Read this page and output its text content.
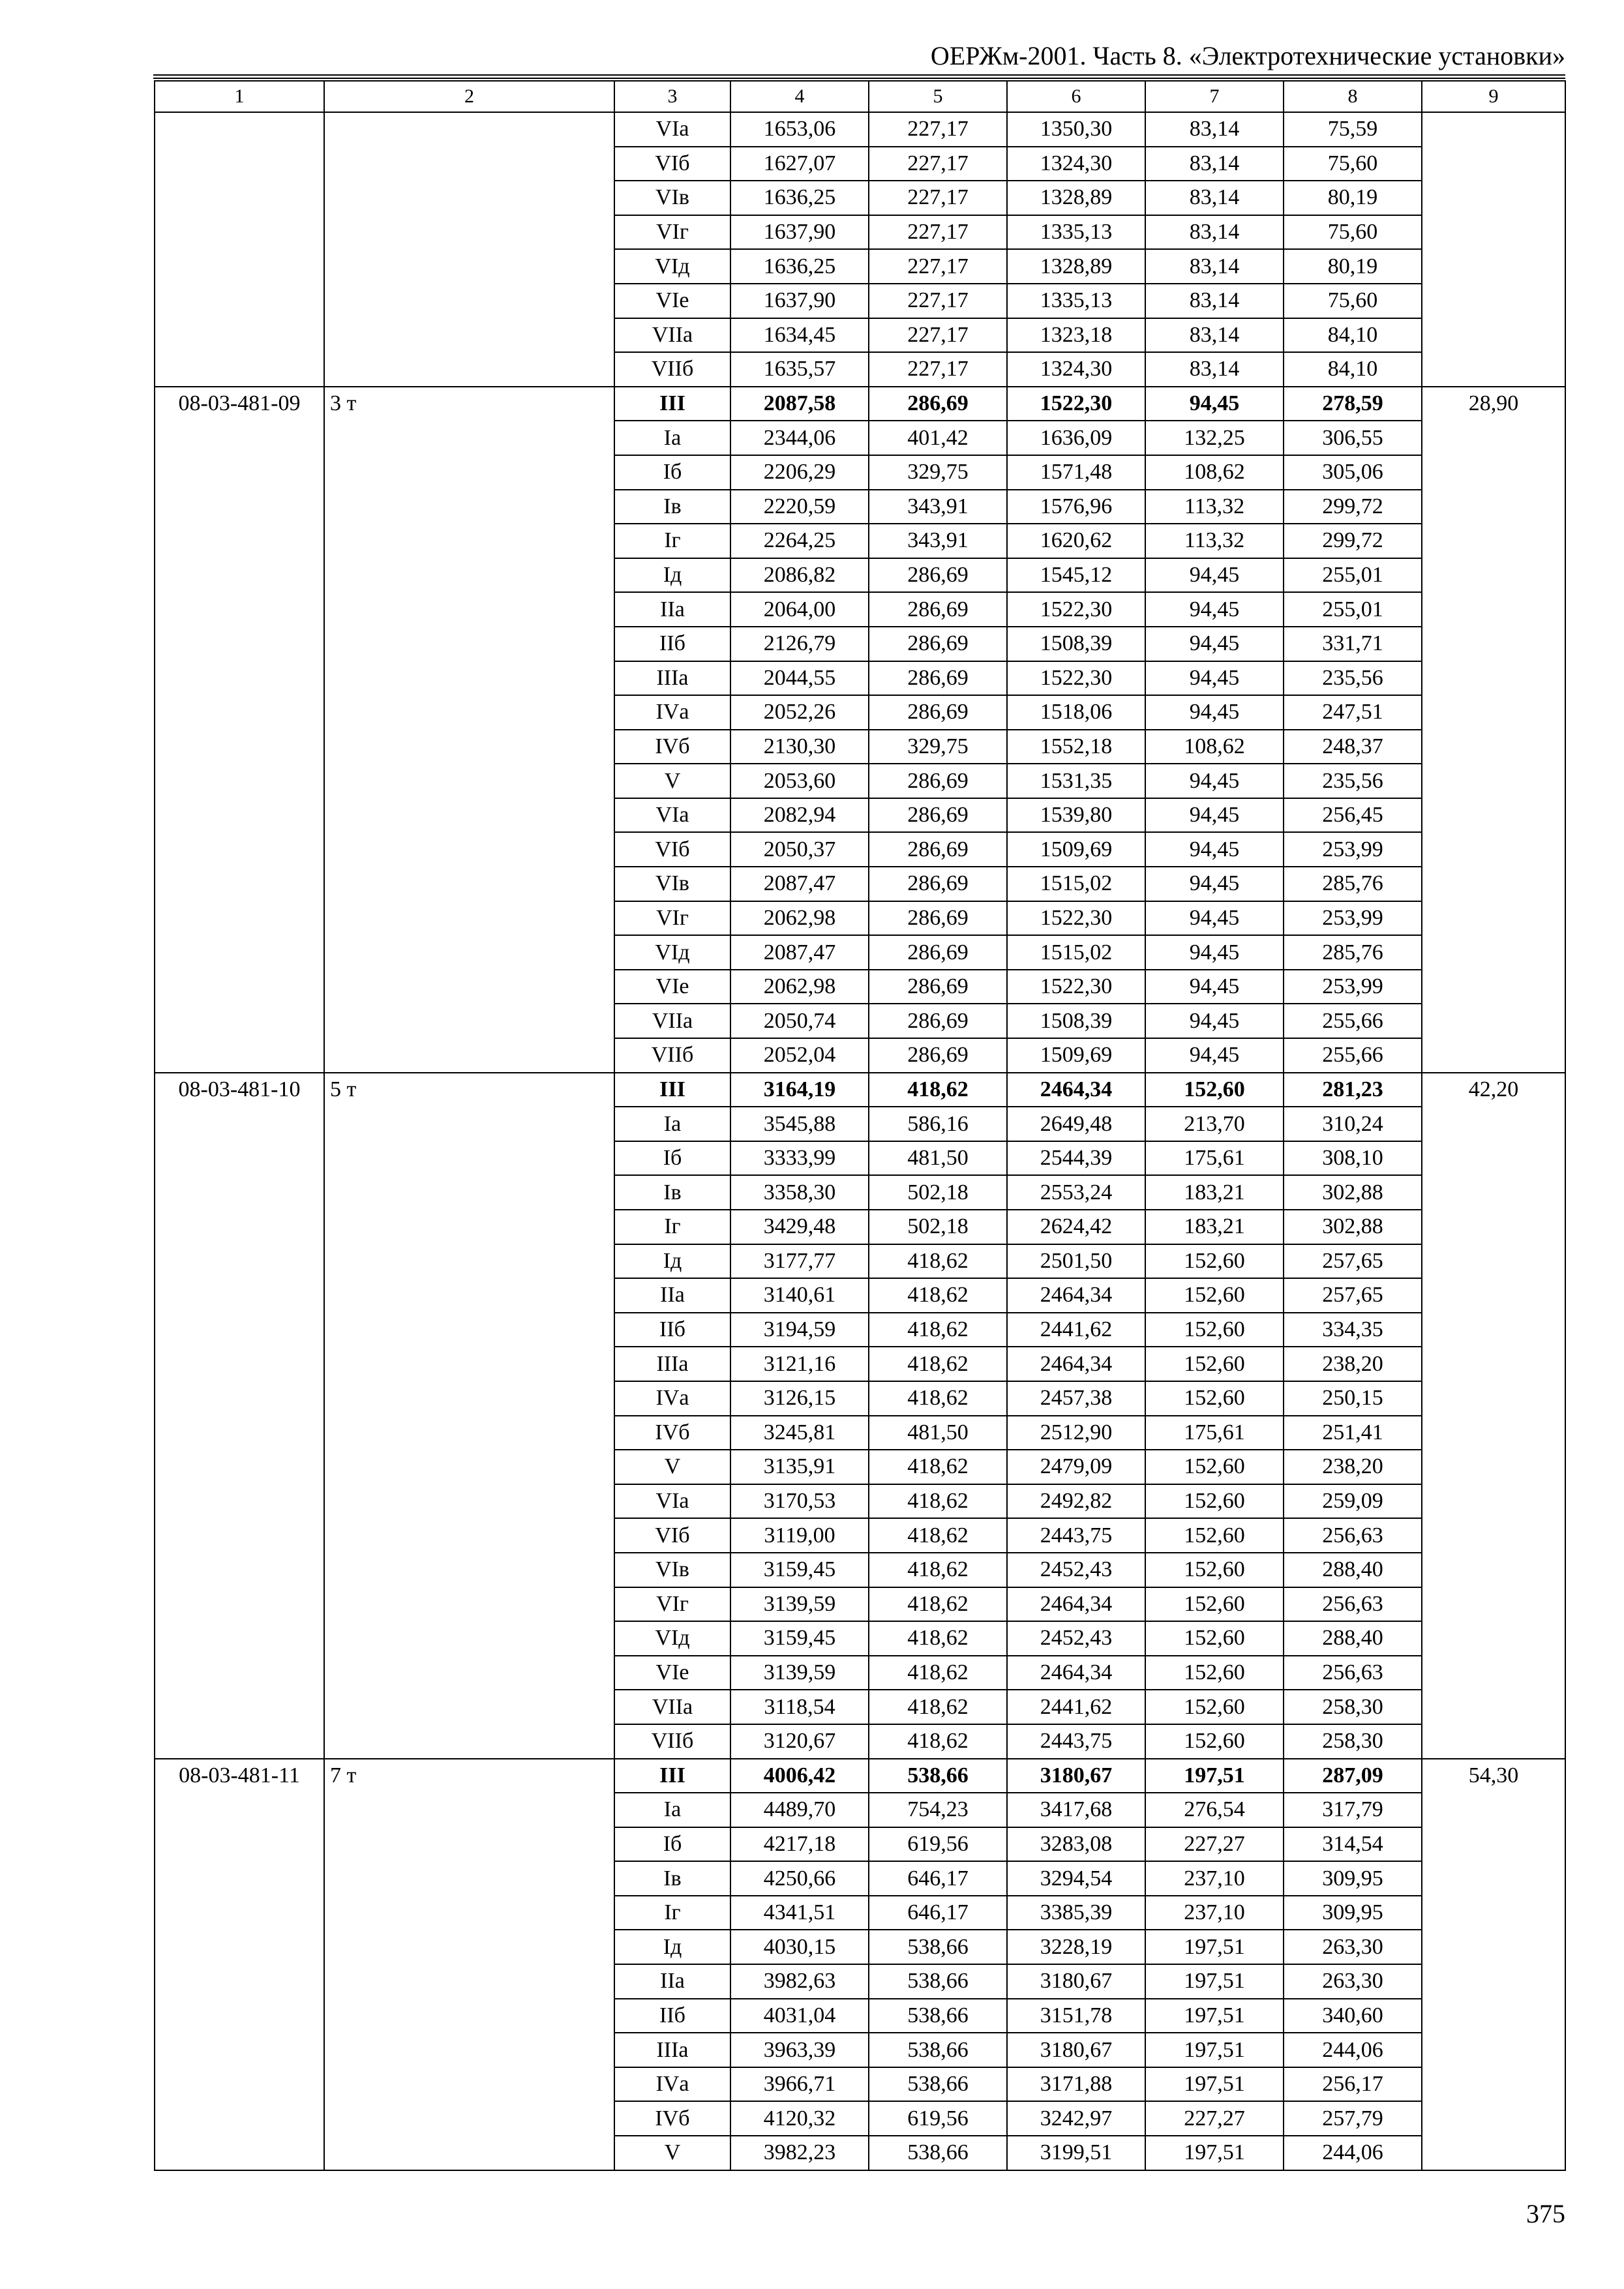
ОЕРЖм-2001. Часть 8. «Электротехнические установки»
1	2	3	4	5	6	7	8	9
		VIа	1653,06	227,17	1350,30	83,14	75,59	
		VIб	1627,07	227,17	1324,30	83,14	75,60	
		VIв	1636,25	227,17	1328,89	83,14	80,19	
		VIг	1637,90	227,17	1335,13	83,14	75,60	
		VIд	1636,25	227,17	1328,89	83,14	80,19	
		VIе	1637,90	227,17	1335,13	83,14	75,60	
		VIIа	1634,45	227,17	1323,18	83,14	84,10	
		VIIб	1635,57	227,17	1324,30	83,14	84,10	
08-03-481-09	3 т	III	2087,58	286,69	1522,30	94,45	278,59	28,90
		Iа	2344,06	401,42	1636,09	132,25	306,55	
		Iб	2206,29	329,75	1571,48	108,62	305,06	
		Iв	2220,59	343,91	1576,96	113,32	299,72	
		Iг	2264,25	343,91	1620,62	113,32	299,72	
		Iд	2086,82	286,69	1545,12	94,45	255,01	
		IIа	2064,00	286,69	1522,30	94,45	255,01	
		IIб	2126,79	286,69	1508,39	94,45	331,71	
		IIIа	2044,55	286,69	1522,30	94,45	235,56	
		IVа	2052,26	286,69	1518,06	94,45	247,51	
		IVб	2130,30	329,75	1552,18	108,62	248,37	
		V	2053,60	286,69	1531,35	94,45	235,56	
		VIа	2082,94	286,69	1539,80	94,45	256,45	
		VIб	2050,37	286,69	1509,69	94,45	253,99	
		VIв	2087,47	286,69	1515,02	94,45	285,76	
		VIг	2062,98	286,69	1522,30	94,45	253,99	
		VIд	2087,47	286,69	1515,02	94,45	285,76	
		VIе	2062,98	286,69	1522,30	94,45	253,99	
		VIIа	2050,74	286,69	1508,39	94,45	255,66	
		VIIб	2052,04	286,69	1509,69	94,45	255,66	
08-03-481-10	5 т	III	3164,19	418,62	2464,34	152,60	281,23	42,20
		Iа	3545,88	586,16	2649,48	213,70	310,24	
		Iб	3333,99	481,50	2544,39	175,61	308,10	
		Iв	3358,30	502,18	2553,24	183,21	302,88	
		Iг	3429,48	502,18	2624,42	183,21	302,88	
		Iд	3177,77	418,62	2501,50	152,60	257,65	
		IIа	3140,61	418,62	2464,34	152,60	257,65	
		IIб	3194,59	418,62	2441,62	152,60	334,35	
		IIIа	3121,16	418,62	2464,34	152,60	238,20	
		IVа	3126,15	418,62	2457,38	152,60	250,15	
		IVб	3245,81	481,50	2512,90	175,61	251,41	
		V	3135,91	418,62	2479,09	152,60	238,20	
		VIа	3170,53	418,62	2492,82	152,60	259,09	
		VIб	3119,00	418,62	2443,75	152,60	256,63	
		VIв	3159,45	418,62	2452,43	152,60	288,40	
		VIг	3139,59	418,62	2464,34	152,60	256,63	
		VIд	3159,45	418,62	2452,43	152,60	288,40	
		VIе	3139,59	418,62	2464,34	152,60	256,63	
		VIIа	3118,54	418,62	2441,62	152,60	258,30	
		VIIб	3120,67	418,62	2443,75	152,60	258,30	
08-03-481-11	7 т	III	4006,42	538,66	3180,67	197,51	287,09	54,30
		Iа	4489,70	754,23	3417,68	276,54	317,79	
		Iб	4217,18	619,56	3283,08	227,27	314,54	
		Iв	4250,66	646,17	3294,54	237,10	309,95	
		Iг	4341,51	646,17	3385,39	237,10	309,95	
		Iд	4030,15	538,66	3228,19	197,51	263,30	
		IIа	3982,63	538,66	3180,67	197,51	263,30	
		IIб	4031,04	538,66	3151,78	197,51	340,60	
		IIIа	3963,39	538,66	3180,67	197,51	244,06	
		IVа	3966,71	538,66	3171,88	197,51	256,17	
		IVб	4120,32	619,56	3242,97	227,27	257,79	
		V	3982,23	538,66	3199,51	197,51	244,06	
375
